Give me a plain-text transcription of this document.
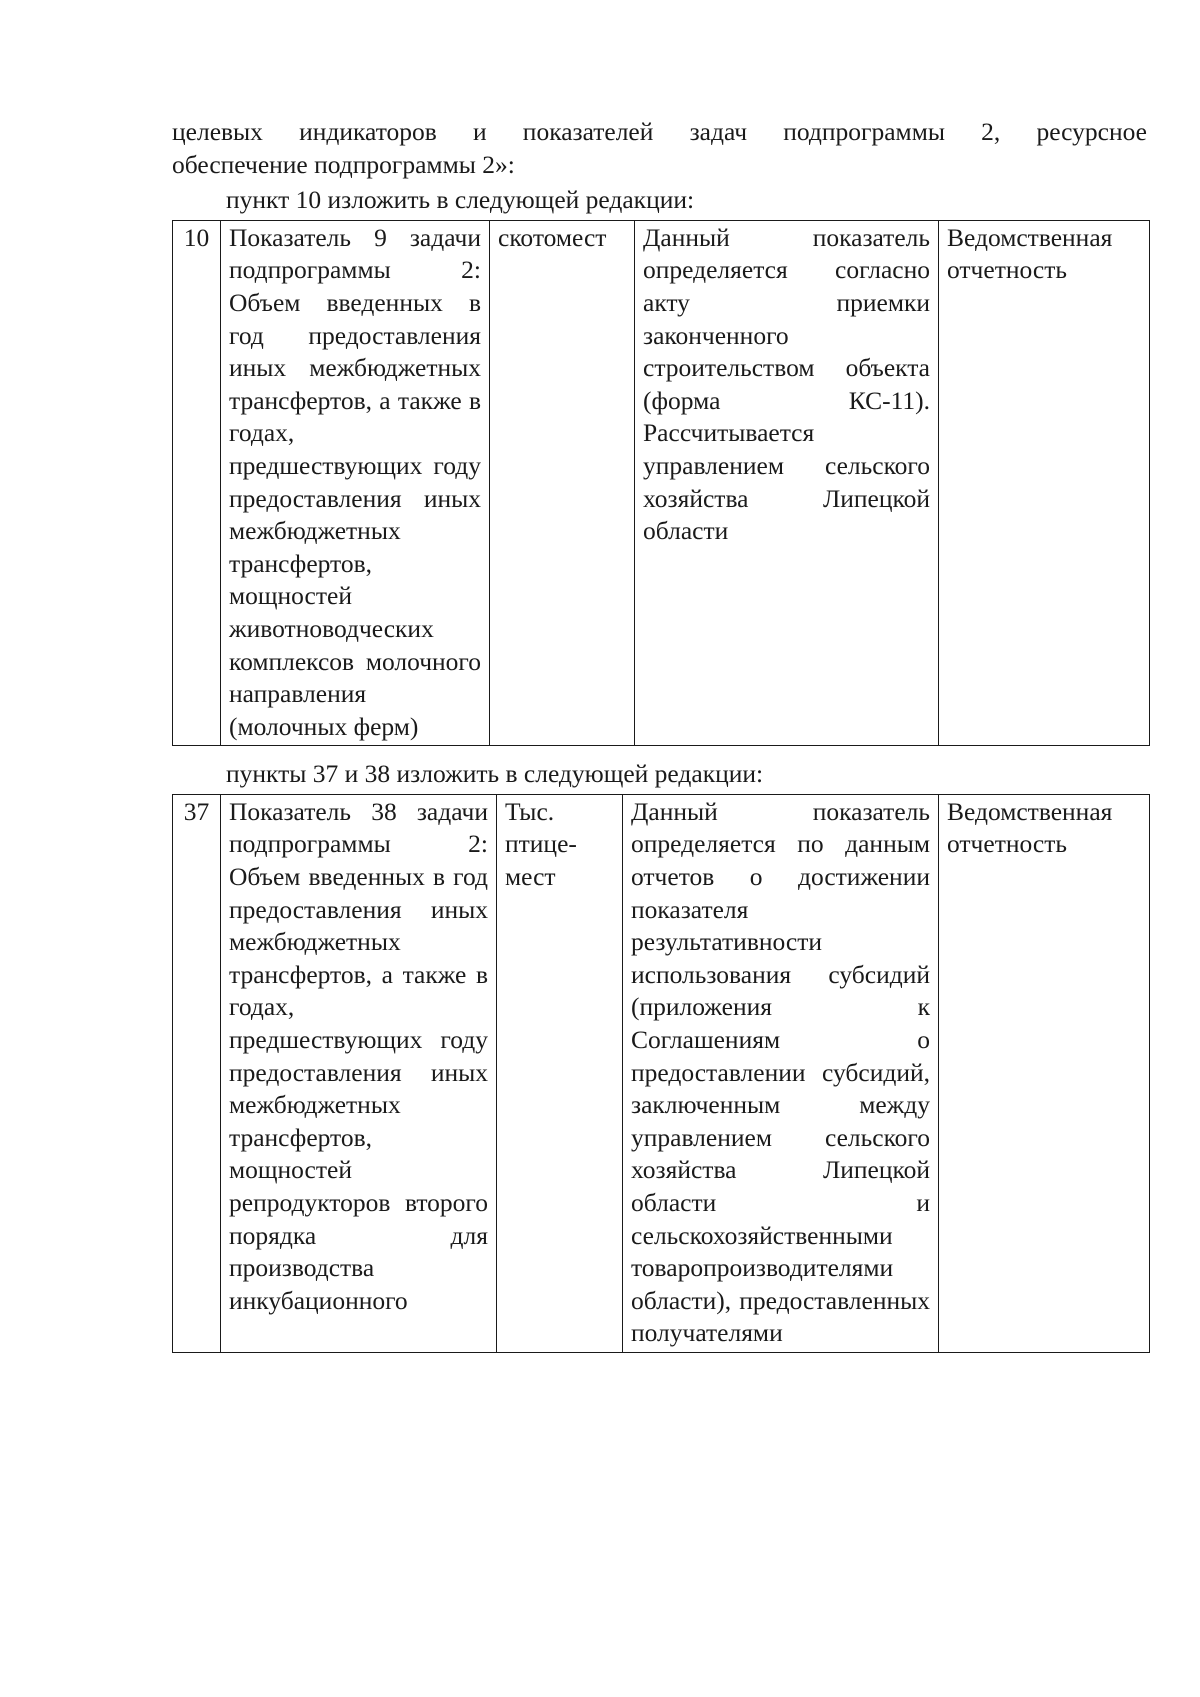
целевых индикаторов и показателей задач подпрограммы 2, ресурсное
обеспечение подпрограммы 2»:

пункт 10 изложить в следующей редакции:

10	Показатель 9 задачи подпрограммы 2: Объем введенных в год предоставления иных межбюджетных трансфертов, а также в годах, предшествующих году предоставления иных межбюджетных трансфертов, мощностей животноводческих комплексов молочного направления (молочных ферм)	скотомест	Данный показатель определяется согласно акту приемки законченного строительством объекта (форма КС-11). Рассчитывается управлением сельского хозяйства Липецкой области	Ведомственная отчетность

пункты 37 и 38 изложить в следующей редакции:

37	Показатель 38 задачи подпрограммы 2: Объем введенных в год предоставления иных межбюджетных трансфертов, а также в годах, предшествующих году предоставления иных межбюджетных трансфертов, мощностей репродукторов второго порядка для производства инкубационного	Тыс. птице-мест	Данный показатель определяется по данным отчетов о достижении показателя результативности использования субсидий (приложения к Соглашениям о предоставлении субсидий, заключенным между управлением сельского хозяйства Липецкой области и сельскохозяйственными товаропроизводителями области), предоставленных получателями	Ведомственная отчетность
